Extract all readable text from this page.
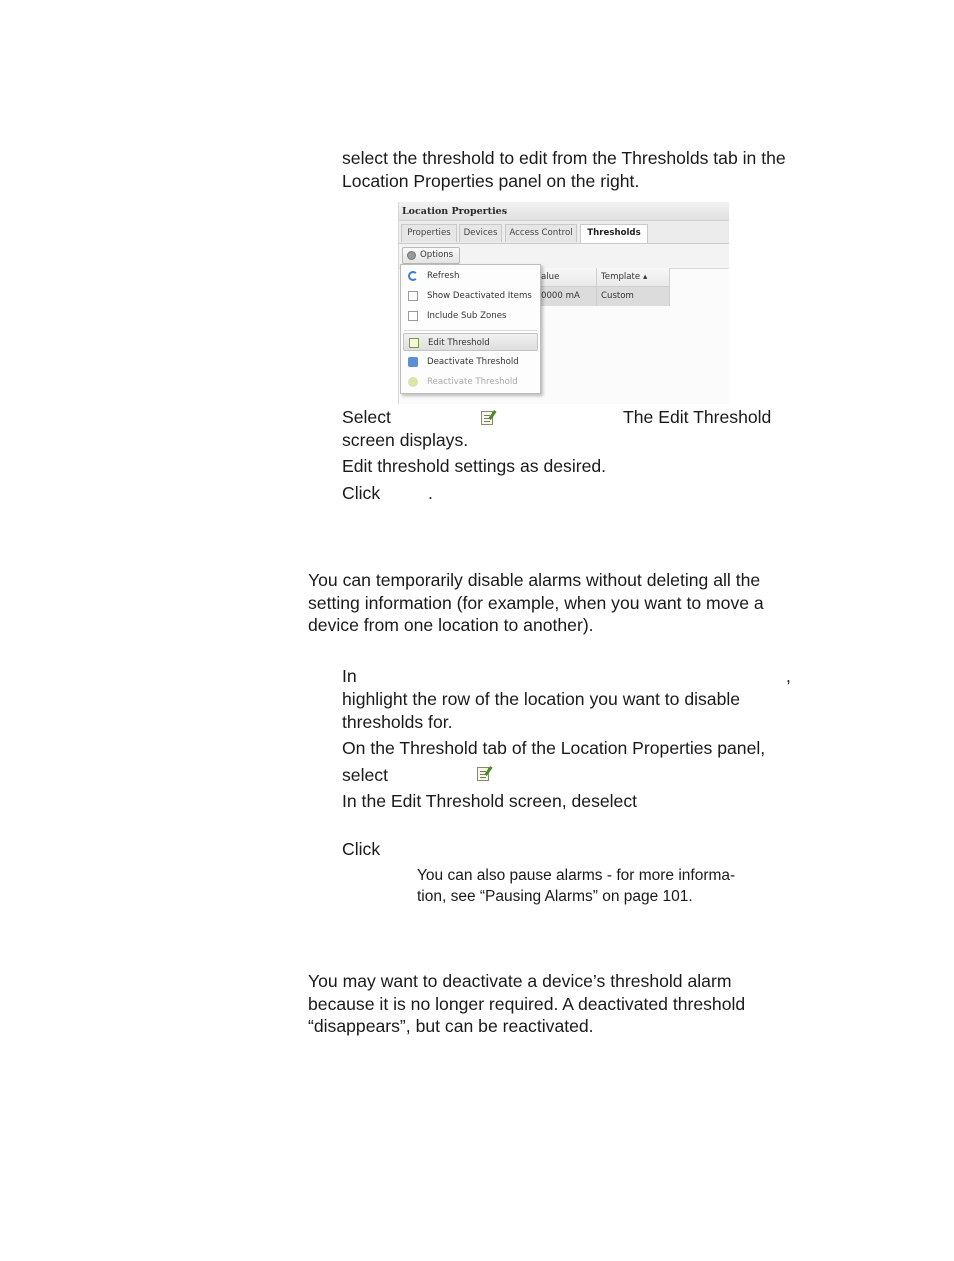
select the threshold to edit from the Thresholds tab in the
Location Properties panel on the right.
Location Properties
Properties	Devices	Access Control	Thresholds
Options
alue	Template ▴
0000 mA	Custom
Refresh
Show Deactivated Items
Include Sub Zones
Edit Threshold
Deactivate Threshold
Reactivate Threshold
Select	The Edit Threshold
screen displays.
Edit threshold settings as desired.
Click	.
You can temporarily disable alarms without deleting all the
setting information (for example, when you want to move a
device from one location to another).
In	,
highlight the row of the location you want to disable
thresholds for.
On the Threshold tab of the Location Properties panel,
select
In the Edit Threshold screen, deselect
Click
You can also pause alarms - for more informa-
tion, see “Pausing Alarms” on page 101.
You may want to deactivate a device’s threshold alarm
because it is no longer required. A deactivated threshold
“disappears”, but can be reactivated.
